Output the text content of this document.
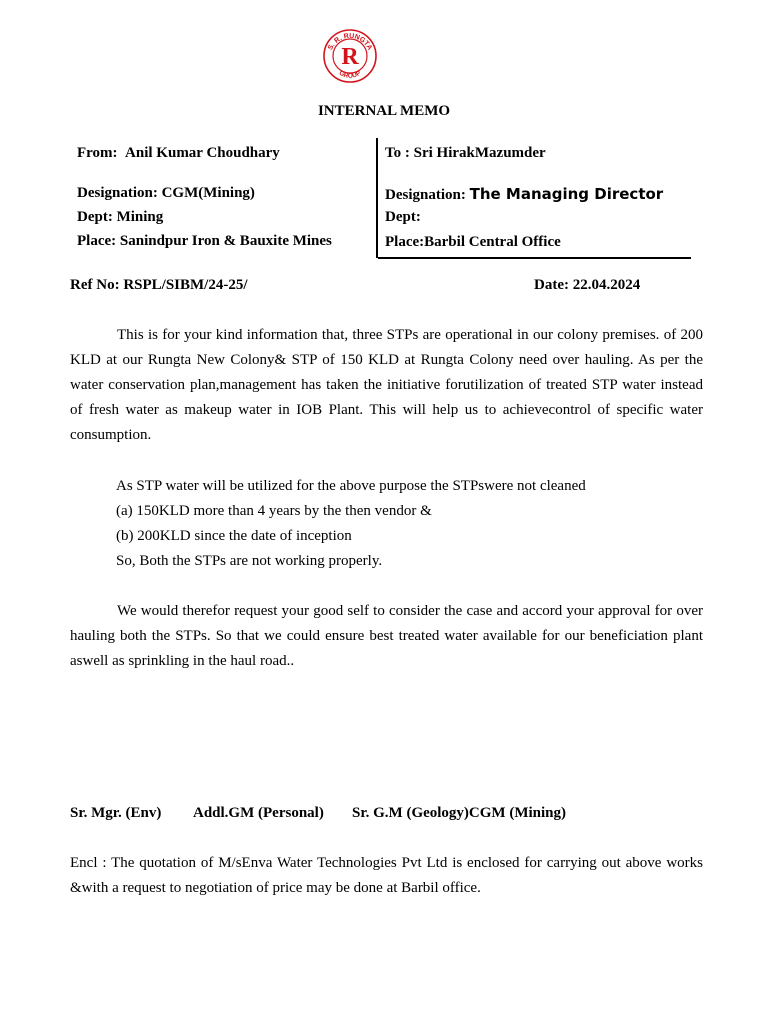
S. R. RUNGTA
GROUP
R
INTERNAL MEMO
From: Anil Kumar Choudhary
Designation: CGM(Mining)
Dept: Mining
Place: Sanindpur Iron & Bauxite Mines
To : Sri HirakMazumder
Designation: The Managing Director
Dept:
Place:Barbil Central Office
Ref No: RSPL/SIBM/24-25/	Date: 22.04.2024
This is for your kind information that, three STPs are operational in our colony premises. of 200 KLD at our Rungta New Colony& STP of 150 KLD at Rungta Colony need over hauling. As per the water conservation plan,management has taken the initiative forutilization of treated STP water instead of fresh water as makeup water in IOB Plant. This will help us to achievecontrol of specific water consumption.
As STP water will be utilized for the above purpose the STPswere not cleaned
(a) 150KLD more than 4 years by the then vendor &
(b) 200KLD since the date of inception
So, Both the STPs are not working properly.
We would therefor request your good self to consider the case and accord your approval for over hauling both the STPs. So that we could ensure best treated water available for our beneficiation plant aswell as sprinkling in the haul road..
Sr. Mgr. (Env) Addl.GM (Personal) Sr. G.M (Geology)CGM (Mining)
Encl : The quotation of M/sEnva Water Technologies Pvt Ltd is enclosed for carrying out above works &with a request to negotiation of price may be done at Barbil office.
